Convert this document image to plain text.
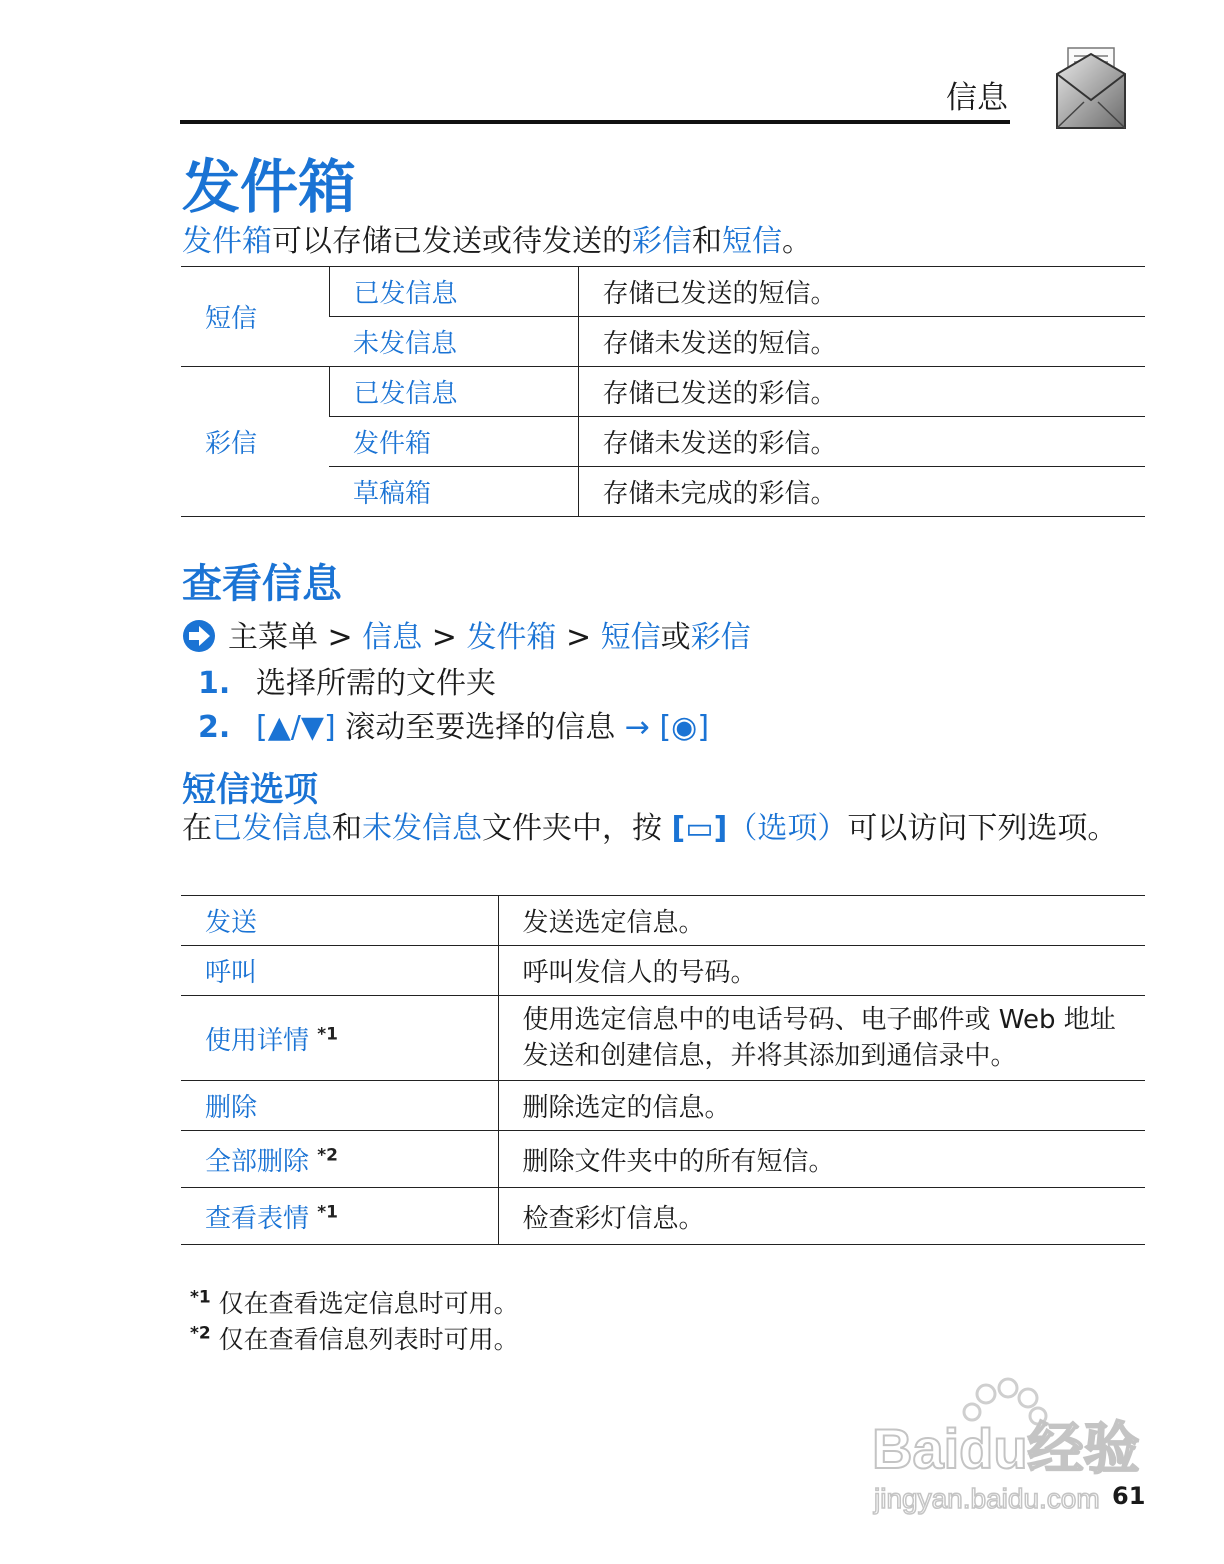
信息
发件箱
发件箱可以存储已发送或待发送的彩信和短信。
短信	已发信息	存储已发送的短信。
	未发信息	存储未发送的短信。
彩信	已发信息	存储已发送的彩信。
	发件箱	存储未发送的彩信。
	草稿箱	存储未完成的彩信。
查看信息
主菜单 > 信息 > 发件箱 > 短信或彩信
1. 选择所需的文件夹
2. [▲/▼] 滚动至要选择的信息 → [◉]
短信选项
在已发信息和未发信息文件夹中，按 [▭]（选项）可以访问下列选项。
发送	发送选定信息。
呼叫	呼叫发信人的号码。
使用详情 $^{*1}$	使用选定信息中的电话号码、电子邮件或 Web 地址发送和创建信息，并将其添加到通信录中。
删除	删除选定的信息。
全部删除 $^{*2}$	删除文件夹中的所有短信。
查看表情 $^{*1}$	检查彩灯信息。
$^{*1}$ 仅在查看选定信息时可用。
$^{*2}$ 仅在查看信息列表时可用。
Baidu经验
jingyan.baidu.com 61
